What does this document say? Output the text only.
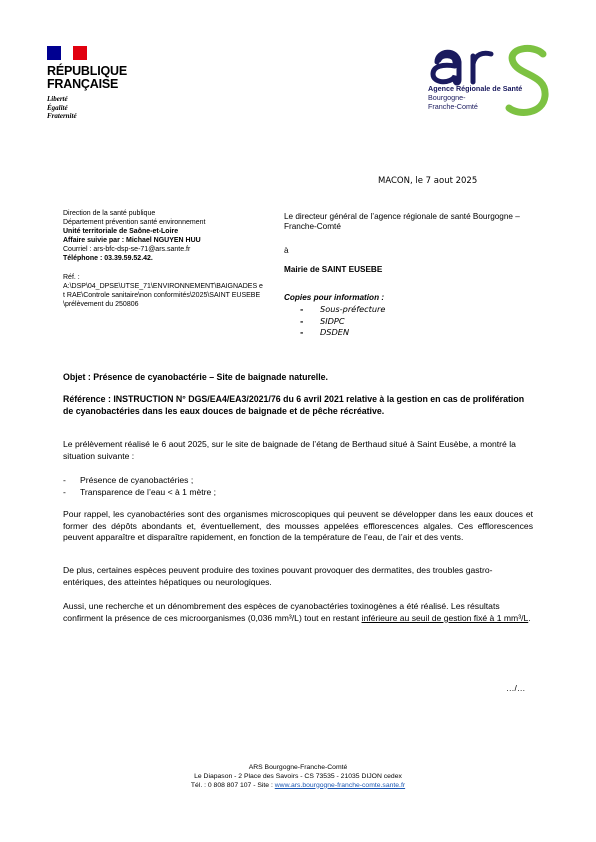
RÉPUBLIQUE
FRANÇAISE
Liberté
Égalité
Fraternité
Agence Régionale de Santé
Bourgogne-
Franche-Comté
MACON, le 7 aout 2025
Direction de la santé publique
Département prévention santé environnement
Unité territoriale de Saône-et-Loire
Affaire suivie par : Michael NGUYEN HUU
Courriel : ars-bfc-dsp-se-71@ars.sante.fr
Téléphone : 03.39.59.52.42.
Réf. :
A:\DSP\04_DPSE\UTSE_71\ENVIRONNEMENT\BAIGNADES et RAE\Controle sanitaire\non conformités\2025\SAINT EUSEBE\prélèvement du 250806
Le directeur général de l’agence régionale de santé Bourgogne – Franche-Comté
à
Mairie de SAINT EUSEBE
Copies pour information :
- Sous-préfecture
- SIDPC
- DSDEN
Objet : Présence de cyanobactérie – Site de baignade naturelle.
Référence : INSTRUCTION N° DGS/EA4/EA3/2021/76 du 6 avril 2021 relative à la gestion en cas de prolifération de cyanobactéries dans les eaux douces de baignade et de pêche récréative.
Le prélèvement réalisé le 6 aout 2025, sur le site de baignade de l’étang de Berthaud situé à Saint Eusèbe, a montré la situation suivante :
-	Présence de cyanobactéries ;
-	Transparence de l’eau < à 1 mètre ;
Pour rappel, les cyanobactéries sont des organismes microscopiques qui peuvent se développer dans les eaux douces et former des dépôts abondants et, éventuellement, des mousses appelées efflorescences algales. Ces efflorescences peuvent apparaître et disparaître rapidement, en fonction de la température de l’eau, de l’air et des vents.
De plus, certaines espèces peuvent produire des toxines pouvant provoquer des dermatites, des troubles gastro-entériques, des atteintes hépatiques ou neurologiques.
Aussi, une recherche et un dénombrement des espèces de cyanobactéries toxinogènes a été réalisé. Les résultats confirment la présence de ces microorganismes (0,036 mm³/L) tout en restant inférieure au seuil de gestion fixé à 1 mm³/L.
…/…
ARS Bourgogne-Franche-Comté
Le Diapason - 2 Place des Savoirs - CS 73535 - 21035 DIJON cedex
Tél. : 0 808 807 107 - Site : www.ars.bourgogne-franche-comte.sante.fr
